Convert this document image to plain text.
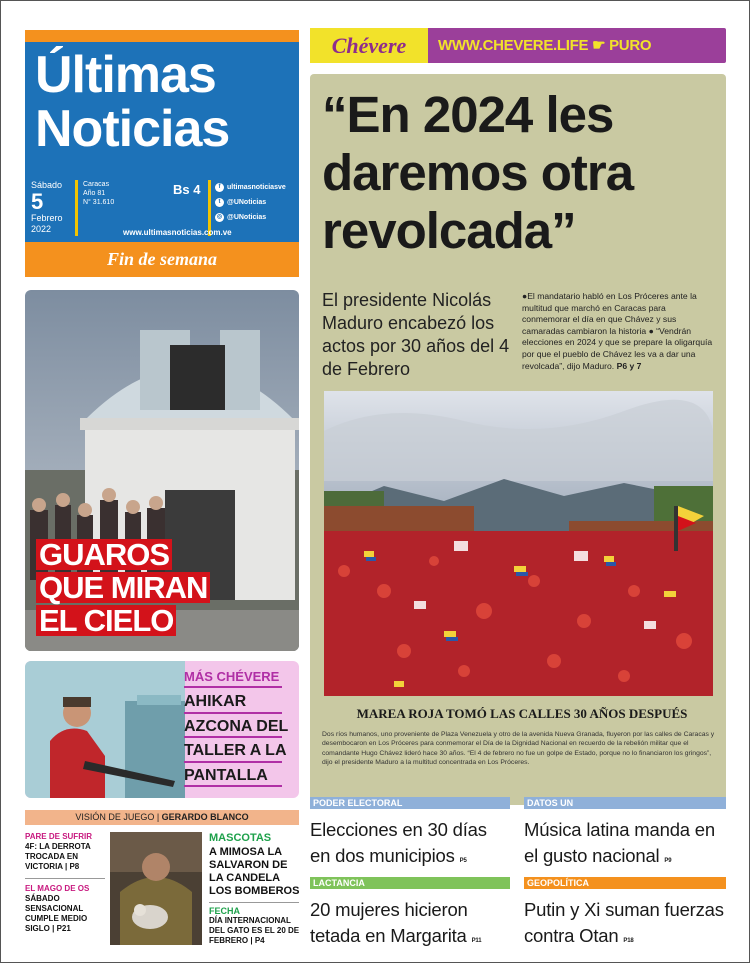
Últimas
Noticias
Sábado
5
Febrero
2022
Caracas
Año 81
N° 31.610
Bs 4	f ultimasnoticiasve
t @UNoticias
◎ @UNoticias
www.ultimasnoticias.com.ve
Fin de semana
Chévere	WWW.CHEVERE.LIFE ☛ PURO
“En 2024 les daremos otra revolcada”
El presidente Nicolás Maduro encabezó los actos por 30 años del 4 de Febrero
●El mandatario habló en Los Próceres ante la multitud que marchó en Caracas para conmemorar el día en que Chávez y sus camaradas cambiaron la historia ● “Vendrán elecciones en 2024 y que se prepare la oligarquía por que el pueblo de Chávez les va a dar una revolcada”, dijo Maduro. P6 y 7
MAREA ROJA TOMÓ LAS CALLES 30 AÑOS DESPUÉS
Dos ríos humanos, uno proveniente de Plaza Venezuela y otro de la avenida Nueva Granada, fluyeron por las calles de Caracas y desembocaron en Los Próceres para conmemorar el Día de la Dignidad Nacional en recuerdo de la rebelión militar que el comandante Hugo Chávez lideró hace 30 años. “El 4 de febrero no fue un golpe de Estado, porque no lo financiaron los gringos”, dijo el presidente Maduro a la multitud concentrada en Los Próceres.
GUAROS
QUE MIRAN
EL CIELO
MÁS CHÉVERE
AHIKAR
AZCONA DEL
TALLER A LA
PANTALLA
VISIÓN DE JUEGO | GERARDO BLANCO
PARE DE SUFRIR
4F: LA DERROTA TROCADA EN VICTORIA | P8
EL MAGO DE OS
SÁBADO SENSACIONAL CUMPLE MEDIO SIGLO | P21
MASCOTAS
A MIMOSA LA SALVARON DE LA CANDELA LOS BOMBEROS
FECHA
DÍA INTERNACIONAL DEL GATO ES EL 20 DE FEBRERO | P4
PODER ELECTORAL
Elecciones en 30 días en dos municipios P5
DATOS UN
Música latina manda en el gusto nacional P9
LACTANCIA
20 mujeres hicieron tetada en Margarita P11
GEOPOLÍTICA
Putin y Xi suman fuerzas contra Otan P18
